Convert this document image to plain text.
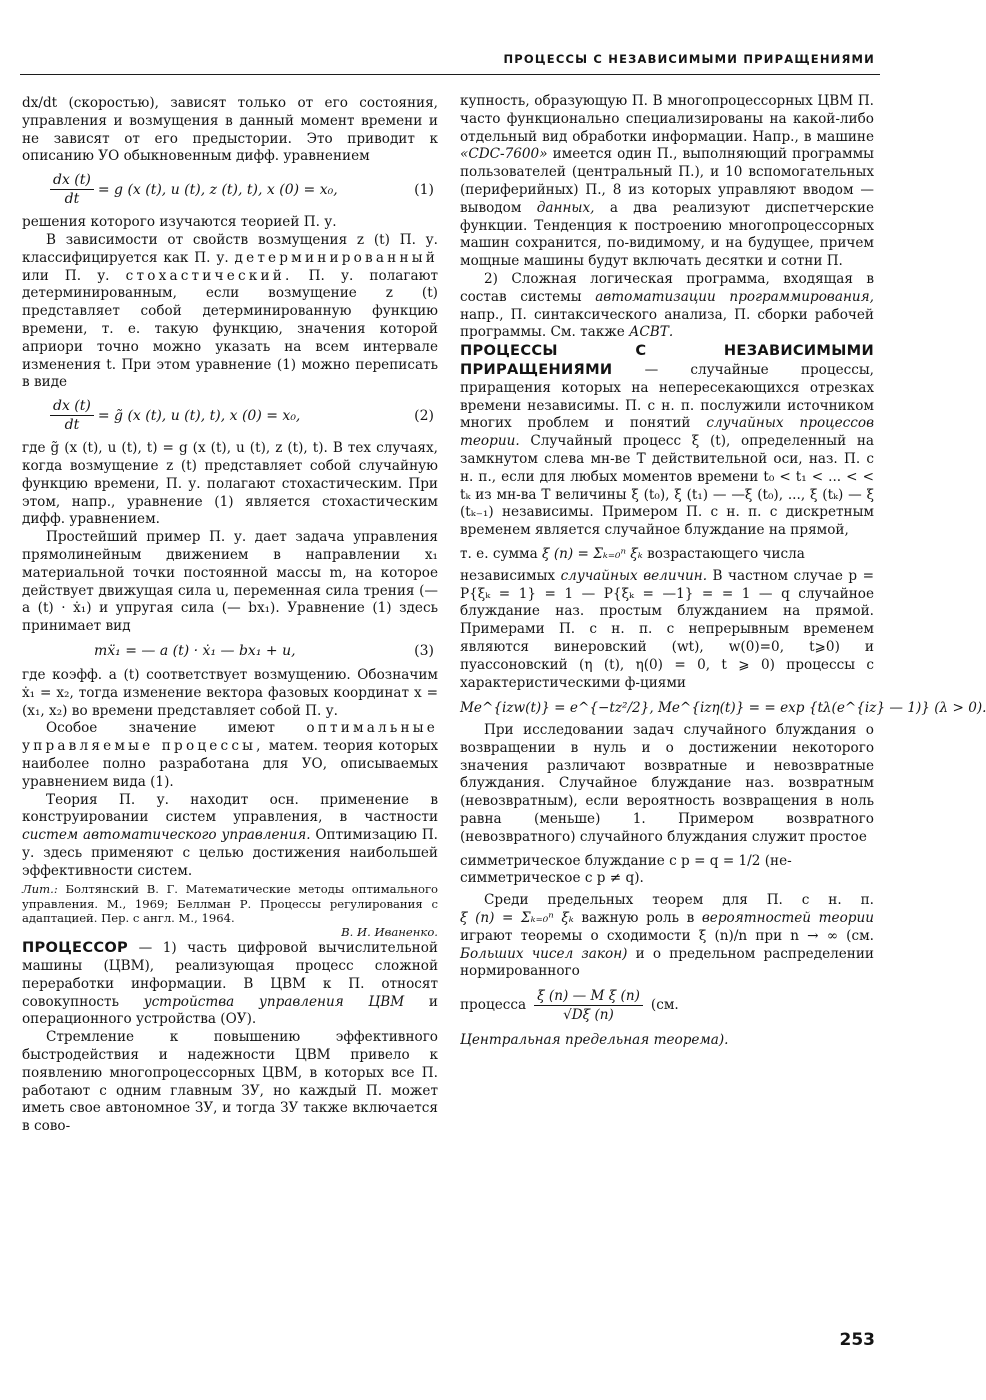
ПРОЦЕССЫ С НЕЗАВИСИМЫМИ ПРИРАЩЕНИЯМИ

dx/dt (скоростью), зависят только от его состояния, управления и возмущения в данный момент времени и не зависят от его предыстории. Это приводит к описанию УО обыкновенным дифф. уравнением

$\frac{dx (t)}{dt} = g$ (x (t), u (t), z (t), t), x (0) = x₀,	(1)

решения которого изучаются теорией П. у.

В зависимости от свойств возмущения z (t) П. у. классифицируется как П. у. детерминированный или П. у. стохастический. П. у. полагают детерминированным, если возмущение z (t) представляет собой детерминированную функцию времени, т. е. такую функцию, значения которой априори точно можно указать на всем интервале изменения t. При этом уравнение (1) можно переписать в виде

$\frac{dx (t)}{dt}$ = g̃ (x (t), u (t), t), x (0) = x₀,	(2)

где g̃ (x (t), u (t), t) = g (x (t), u (t), z (t), t). В тех случаях, когда возмущение z (t) представляет собой случайную функцию времени, П. у. полагают стохастическим. При этом, напр., уравнение (1) является стохастическим дифф. уравнением.

Простейший пример П. у. дает задача управления прямолинейным движением в направлении x₁ материальной точки постоянной массы m, на которое действует движущая сила u, переменная сила трения (— a (t) · ẋ₁) и упругая сила (— bx₁). Уравнение (1) здесь принимает вид

mẍ₁ = — a (t) · ẋ₁ — bx₁ + u,	(3)

где коэфф. a (t) соответствует возмущению. Обозначим ẋ₁ = x₂, тогда изменение вектора фазовых координат x = (x₁, x₂) во времени представляет собой П. у.

Особое значение имеют оптимальные управляемые процессы, матем. теория которых наиболее полно разработана для УО, описываемых уравнением вида (1).

Теория П. у. находит осн. применение в конструировании систем управления, в частности систем автоматического управления. Оптимизацию П. у. здесь применяют с целью достижения наибольшей эффективности систем.

Лит.: Болтянский В. Г. Математические методы оптимального управления. М., 1969; Беллман Р. Процессы регулирования с адаптацией. Пер. с англ. М., 1964.
В. И. Иваненко.

ПРОЦЕССОР — 1) часть цифровой вычислительной машины (ЦВМ), реализующая процесс сложной переработки информации. В ЦВМ к П. относят совокупность устройства управления ЦВМ и операционного устройства (ОУ).

Стремление к повышению эффективного быстродействия и надежности ЦВМ привело к появлению многопроцессорных ЦВМ, в которых все П. работают с одним главным ЗУ, но каждый П. может иметь свое автономное ЗУ, и тогда ЗУ также включается в сово-

купность, образующую П. В многопроцессорных ЦВМ П. часто функционально специализированы на какой-либо отдельный вид обработки информации. Напр., в машине «CDC-7600» имеется один П., выполняющий программы пользователей (центральный П.), и 10 вспомогательных (периферийных) П., 8 из которых управляют вводом — выводом данных, а два реализуют диспетчерские функции. Тенденция к построению многопроцессорных машин сохранится, по-видимому, и на будущее, причем мощные машины будут включать десятки и сотни П.

2) Сложная логическая программа, входящая в состав системы автоматизации программирования, напр., П. синтаксического анализа, П. сборки рабочей программы. См. также АСВТ.

ПРОЦЕССЫ С НЕЗАВИСИМЫМИ ПРИРАЩЕНИЯМИ — случайные процессы, приращения которых на непересекающихся отрезках времени независимы. П. с н. п. послужили источником многих проблем и понятий случайных процессов теории. Случайный процесс ξ (t), определенный на замкнутом слева мн-ве T действительной оси, наз. П. с н. п., если для любых моментов времени t₀ < t₁ < ... < < tₖ из мн-ва T величины ξ (t₀), ξ (t₁) — —ξ (t₀), ..., ξ (tₖ) — ξ (tₖ₋₁) независимы. Примером П. с н. п. с дискретным временем является случайное блуждание на прямой,

т. е. сумма ξ (n) = Σₖ₌₀ⁿ ξₖ возрастающего числа

независимых случайных величин. В частном случае p = P{ξₖ = 1} = 1 — P{ξₖ = —1} = = 1 — q случайное блуждание наз. простым блужданием на прямой. Примерами П. с н. п. с непрерывным временем являются винеровский (wt), w(0)=0, t⩾0) и пуассоновский (η (t), η(0) = 0, t ⩾ 0) процессы с характеристическими ф-циями

Me^{izw(t)} = e^{−tz²/2}, Me^{izη(t)} = = exp {tλ(e^{iz} — 1)} (λ > 0).

При исследовании задач случайного блуждания о возвращении в нуль и о достижении некоторого значения различают возвратные и невозвратные блуждания. Случайное блуждание наз. возвратным (невозвратным), если вероятность возвращения в ноль равна (меньше) 1. Примером возвратного (невозвратного) случайного блуждания служит простое

симметрическое блуждание с p = q = 1/2 (не-

симметрическое с p ≠ q).

Среди предельных теорем для П. с н. п. ξ (n) = Σₖ₌₀ⁿ ξₖ важную роль в вероятностей теории играют теоремы о сходимости ξ (n)/n при n → ∞ (см. Больших чисел закон) и о предельном распределении нормированного

процесса $\frac{\text{ξ (n) — M ξ (n)}}{√D\xi (n)} (см$.
Центральная предельная теорема).

253
